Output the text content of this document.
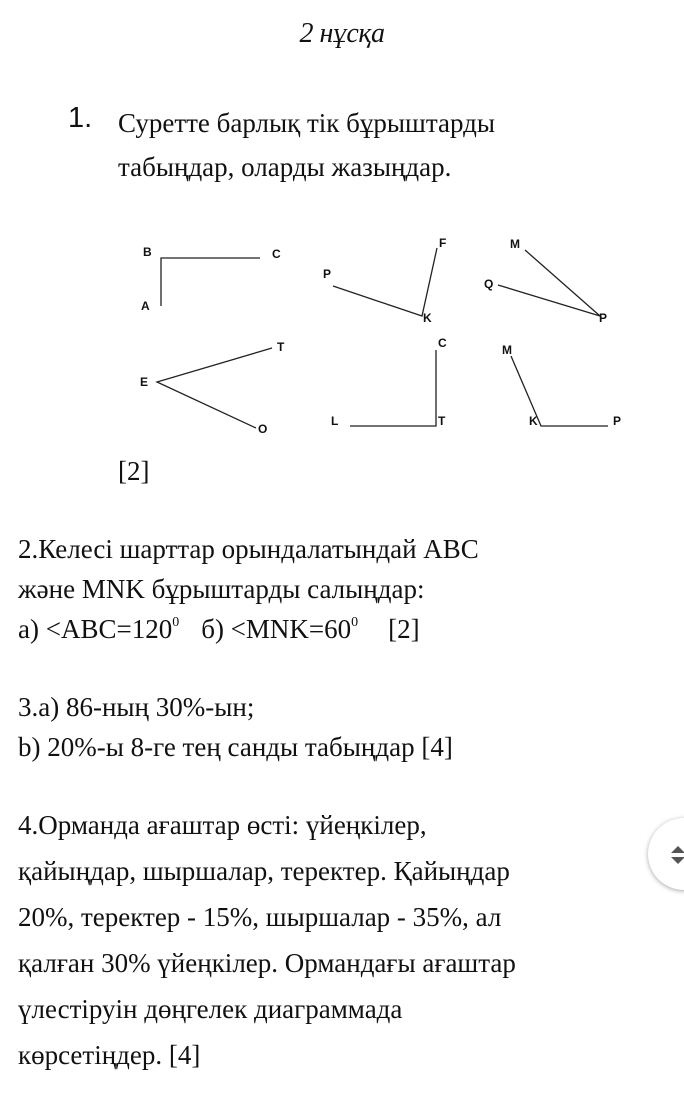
2 нұсқа
1. Суретте барлық тік бұрыштарды
табыңдар, оларды жазыңдар.
B	C
A
F
P
K
M
Q
P
T
E
O
C
L	T
M
K	P
[2]
2.Келесі шарттар орындалатындай ABC
және MNK бұрыштарды салыңдар:
$а) <ABC=120^0$ $б) <MNK=60^0$ [2]
3.а) 86-ның 30%-ын;
b) 20%-ы 8-ге тең санды табыңдар [4]
4.Орманда ағаштар өсті: үйеңкілер,
қайыңдар, шыршалар, теректер. Қайыңдар
20%, теректер - 15%, шыршалар - 35%, ал
қалған 30% үйеңкілер. Ормандағы ағаштар
үлестіруін дөңгелек диаграммада
көрсетіңдер. [4]
